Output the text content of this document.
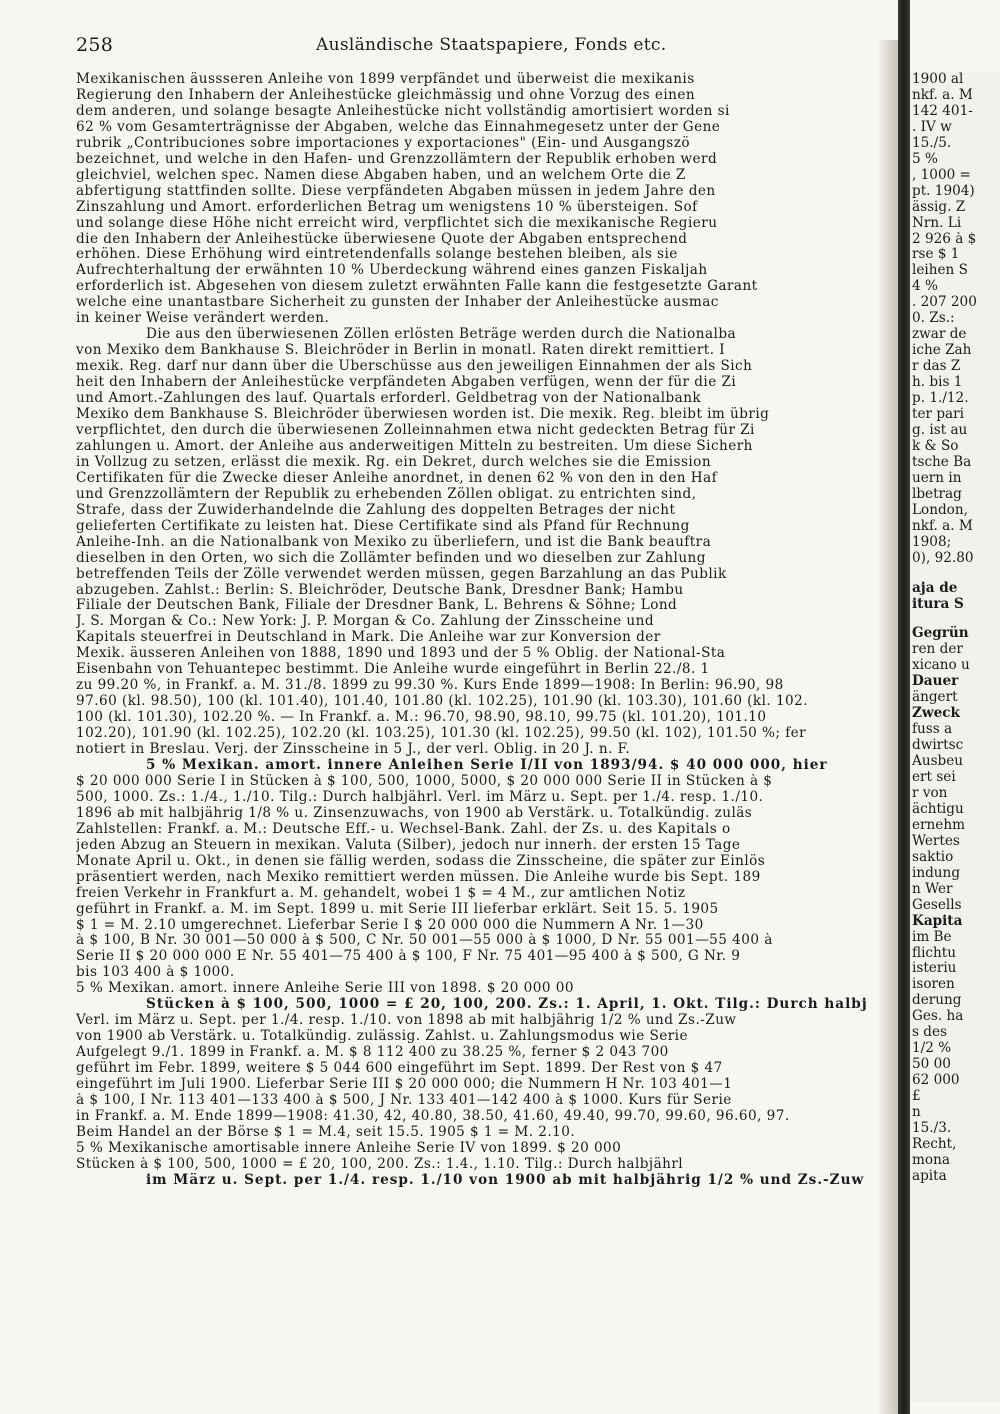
258	Ausländische Staatspapiere, Fonds etc.
Mexikanischen äussseren Anleihe von 1899 verpfändet und überweist die mexikanis
Regierung den Inhabern der Anleihestücke gleichmässig und ohne Vorzug des einen
dem anderen, und solange besagte Anleihestücke nicht vollständig amortisiert worden si
62 % vom Gesamterträgnisse der Abgaben, welche das Einnahmegesetz unter der Gene
rubrik „Contribuciones sobre importaciones y exportaciones" (Ein- und Ausgangszö
bezeichnet, und welche in den Hafen- und Grenzzollämtern der Republik erhoben werd
gleichviel, welchen spec. Namen diese Abgaben haben, und an welchem Orte die Z
abfertigung stattfinden sollte. Diese verpfändeten Abgaben müssen in jedem Jahre den
Zinszahlung und Amort. erforderlichen Betrag um wenigstens 10 % übersteigen. Sof
und solange diese Höhe nicht erreicht wird, verpflichtet sich die mexikanische Regieru
die den Inhabern der Anleihestücke überwiesene Quote der Abgaben entsprechend
erhöhen. Diese Erhöhung wird eintretendenfalls solange bestehen bleiben, als sie
Aufrechterhaltung der erwähnten 10 % Überdeckung während eines ganzen Fiskaljah
erforderlich ist. Abgesehen von diesem zuletzt erwähnten Falle kann die festgesetzte Garant
welche eine unantastbare Sicherheit zu gunsten der Inhaber der Anleihestücke ausmac
in keiner Weise verändert werden.
Die aus den überwiesenen Zöllen erlösten Beträge werden durch die Nationalba
von Mexiko dem Bankhause S. Bleichröder in Berlin in monatl. Raten direkt remittiert. I
mexik. Reg. darf nur dann über die Überschüsse aus den jeweiligen Einnahmen der als Sich
heit den Inhabern der Anleihestücke verpfändeten Abgaben verfügen, wenn der für die Zi
und Amort.-Zahlungen des lauf. Quartals erforderl. Geldbetrag von der Nationalbank
Mexiko dem Bankhause S. Bleichröder überwiesen worden ist. Die mexik. Reg. bleibt im übrig
verpflichtet, den durch die überwiesenen Zolleinnahmen etwa nicht gedeckten Betrag für Zi
zahlungen u. Amort. der Anleihe aus anderweitigen Mitteln zu bestreiten. Um diese Sicherh
in Vollzug zu setzen, erlässt die mexik. Rg. ein Dekret, durch welches sie die Emission
Certifikaten für die Zwecke dieser Anleihe anordnet, in denen 62 % von den in den Haf
und Grenzzollämtern der Republik zu erhebenden Zöllen obligat. zu entrichten sind,
Strafe, dass der Zuwiderhandelnde die Zahlung des doppelten Betrages der nicht
gelieferten Certifikate zu leisten hat. Diese Certifikate sind als Pfand für Rechnung
Anleihe-Inh. an die Nationalbank von Mexiko zu überliefern, und ist die Bank beauftra
dieselben in den Orten, wo sich die Zollämter befinden und wo dieselben zur Zahlung
betreffenden Teils der Zölle verwendet werden müssen, gegen Barzahlung an das Publik
abzugeben. Zahlst.: Berlin: S. Bleichröder, Deutsche Bank, Dresdner Bank; Hambu
Filiale der Deutschen Bank, Filiale der Dresdner Bank, L. Behrens & Söhne; Lond
J. S. Morgan & Co.: New York: J. P. Morgan & Co. Zahlung der Zinsscheine und
Kapitals steuerfrei in Deutschland in Mark. Die Anleihe war zur Konversion der
Mexik. äusseren Anleihen von 1888, 1890 und 1893 und der 5 % Oblig. der National-Sta
Eisenbahn von Tehuantepec bestimmt. Die Anleihe wurde eingeführt in Berlin 22./8. 1
zu 99.20 %, in Frankf. a. M. 31./8. 1899 zu 99.30 %. Kurs Ende 1899—1908: In Berlin: 96.90, 98
97.60 (kl. 98.50), 100 (kl. 101.40), 101.40, 101.80 (kl. 102.25), 101.90 (kl. 103.30), 101.60 (kl. 102.
100 (kl. 101.30), 102.20 %. — In Frankf. a. M.: 96.70, 98.90, 98.10, 99.75 (kl. 101.20), 101.10
102.20), 101.90 (kl. 102.25), 102.20 (kl. 103.25), 101.30 (kl. 102.25), 99.50 (kl. 102), 101.50 %; fer
notiert in Breslau. Verj. der Zinsscheine in 5 J., der verl. Oblig. in 20 J. n. F.
5 % Mexikan. amort. innere Anleihen Serie I/II von 1893/94. $ 40 000 000, hier
$ 20 000 000 Serie I in Stücken à $ 100, 500, 1000, 5000, $ 20 000 000 Serie II in Stücken à $
500, 1000. Zs.: 1./4., 1./10. Tilg.: Durch halbjährl. Verl. im März u. Sept. per 1./4. resp. 1./10.
1896 ab mit halbjährig 1/8 % u. Zinsenzuwachs, von 1900 ab Verstärk. u. Totalkündig. zuläs
Zahlstellen: Frankf. a. M.: Deutsche Eff.- u. Wechsel-Bank. Zahl. der Zs. u. des Kapitals o
jeden Abzug an Steuern in mexikan. Valuta (Silber), jedoch nur innerh. der ersten 15 Tage
Monate April u. Okt., in denen sie fällig werden, sodass die Zinsscheine, die später zur Einlös
präsentiert werden, nach Mexiko remittiert werden müssen. Die Anleihe wurde bis Sept. 189
freien Verkehr in Frankfurt a. M. gehandelt, wobei 1 $ = 4 M., zur amtlichen Notiz
geführt in Frankf. a. M. im Sept. 1899 u. mit Serie III lieferbar erklärt. Seit 15. 5. 1905
$ 1 = M. 2.10 umgerechnet. Lieferbar Serie I $ 20 000 000 die Nummern A Nr. 1—30
à $ 100, B Nr. 30 001—50 000 à $ 500, C Nr. 50 001—55 000 à $ 1000, D Nr. 55 001—55 400 à
Serie II $ 20 000 000 E Nr. 55 401—75 400 à $ 100, F Nr. 75 401—95 400 à $ 500, G Nr. 9
bis 103 400 à $ 1000.
5 % Mexikan. amort. innere Anleihe Serie III von 1898. $ 20 000 00
Stücken à $ 100, 500, 1000 = £ 20, 100, 200. Zs.: 1. April, 1. Okt. Tilg.: Durch halbj
Verl. im März u. Sept. per 1./4. resp. 1./10. von 1898 ab mit halbjährig 1/2 % und Zs.-Zuw
von 1900 ab Verstärk. u. Totalkündig. zulässig. Zahlst. u. Zahlungsmodus wie Serie
Aufgelegt 9./1. 1899 in Frankf. a. M. $ 8 112 400 zu 38.25 %, ferner $ 2 043 700
geführt im Febr. 1899, weitere $ 5 044 600 eingeführt im Sept. 1899. Der Rest von $ 47
eingeführt im Juli 1900. Lieferbar Serie III $ 20 000 000; die Nummern H Nr. 103 401—1
à $ 100, I Nr. 113 401—133 400 à $ 500, J Nr. 133 401—142 400 à $ 1000. Kurs für Serie
in Frankf. a. M. Ende 1899—1908: 41.30, 42, 40.80, 38.50, 41.60, 49.40, 99.70, 99.60, 96.60, 97.
Beim Handel an der Börse $ 1 = M.4, seit 15.5. 1905 $ 1 = M. 2.10.
5 % Mexikanische amortisable innere Anleihe Serie IV von 1899. $ 20 000
Stücken à $ 100, 500, 1000 = £ 20, 100, 200. Zs.: 1.4., 1.10. Tilg.: Durch halbjährl
im März u. Sept. per 1./4. resp. 1./10 von 1900 ab mit halbjährig 1/2 % und Zs.-Zuw
1900 al
nkf. a. M
142 401-
. IV w
15./5.
5 %
, 1000 =
pt. 1904)
ässig. Z
Nrn. Li
2 926 à $
rse $ 1
leihen S
4 %
. 207 200
0. Zs.:
zwar de
iche Zah
r das Z
h. bis 1
p. 1./12.
ter pari
g. ist au
k & So
tsche Ba
uern in
lbetrag
London,
nkf. a. M
1908;
0), 92.80
aja de
itura S
Gegrün
ren der
xicano u
Dauer
ängert
Zweck
fuss a
dwirtsc
Ausbeu
ert sei
r von
ächtigu
ernehm
Wertes
saktio
indung
n Wer
Gesells
Kapita
im Be
flichtu
isteriu
isoren
derung
Ges. ha
s des
1/2 %
50 00
62 000
£
n
15./3.
Recht,
mona
apita
